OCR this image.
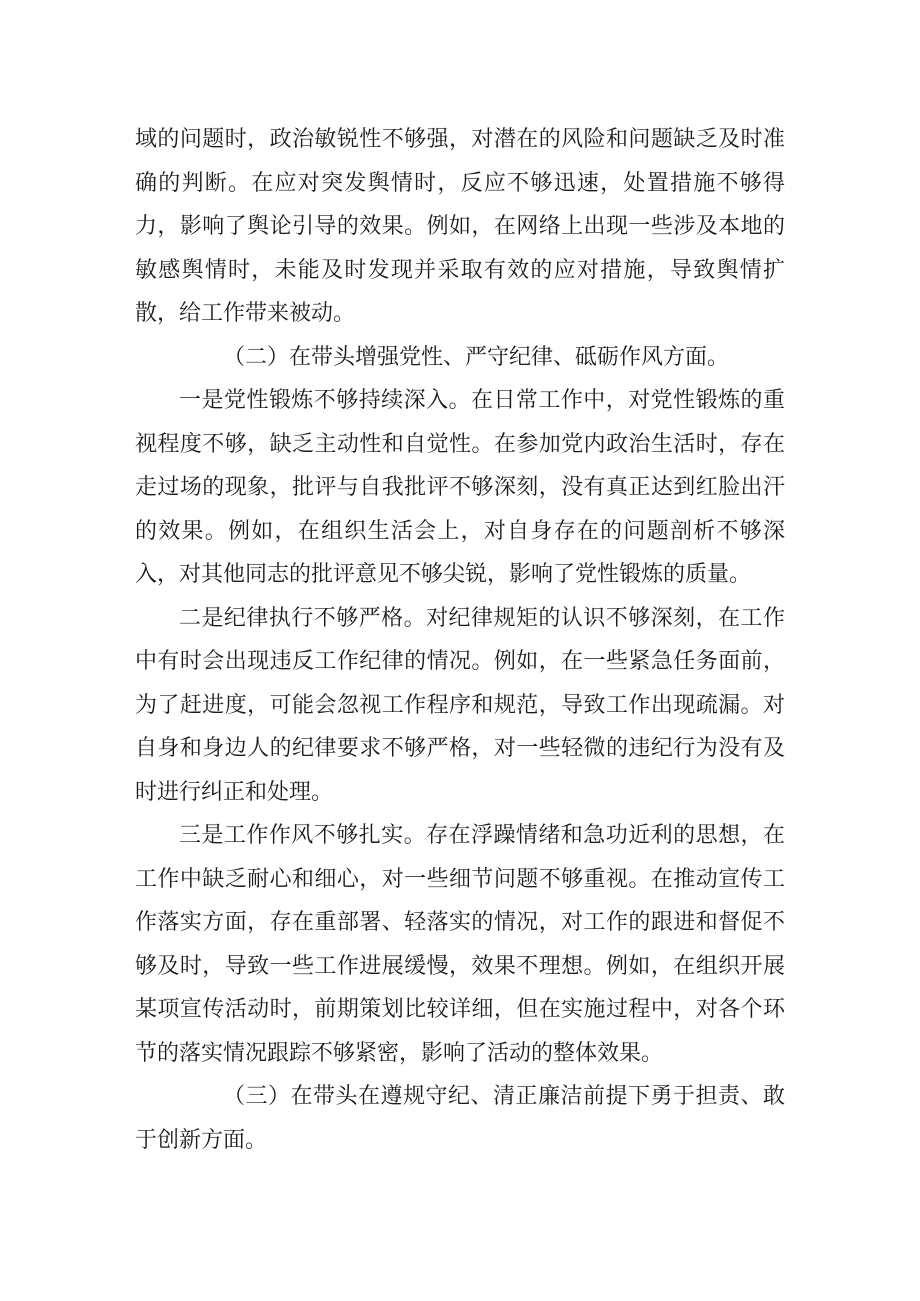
域的问题时，政治敏锐性不够强，对潜在的风险和问题缺乏及时准确的判断。在应对突发舆情时，反应不够迅速，处置措施不够得力，影响了舆论引导的效果。例如，在网络上出现一些涉及本地的敏感舆情时，未能及时发现并采取有效的应对措施，导致舆情扩散，给工作带来被动。

（二）在带头增强党性、严守纪律、砥砺作风方面。

一是党性锻炼不够持续深入。在日常工作中，对党性锻炼的重视程度不够，缺乏主动性和自觉性。在参加党内政治生活时，存在走过场的现象，批评与自我批评不够深刻，没有真正达到红脸出汗的效果。例如，在组织生活会上，对自身存在的问题剖析不够深入，对其他同志的批评意见不够尖锐，影响了党性锻炼的质量。

二是纪律执行不够严格。对纪律规矩的认识不够深刻，在工作中有时会出现违反工作纪律的情况。例如，在一些紧急任务面前，为了赶进度，可能会忽视工作程序和规范，导致工作出现疏漏。对自身和身边人的纪律要求不够严格，对一些轻微的违纪行为没有及时进行纠正和处理。

三是工作作风不够扎实。存在浮躁情绪和急功近利的思想，在工作中缺乏耐心和细心，对一些细节问题不够重视。在推动宣传工作落实方面，存在重部署、轻落实的情况，对工作的跟进和督促不够及时，导致一些工作进展缓慢，效果不理想。例如，在组织开展某项宣传活动时，前期策划比较详细，但在实施过程中，对各个环节的落实情况跟踪不够紧密，影响了活动的整体效果。

（三）在带头在遵规守纪、清正廉洁前提下勇于担责、敢于创新方面。
